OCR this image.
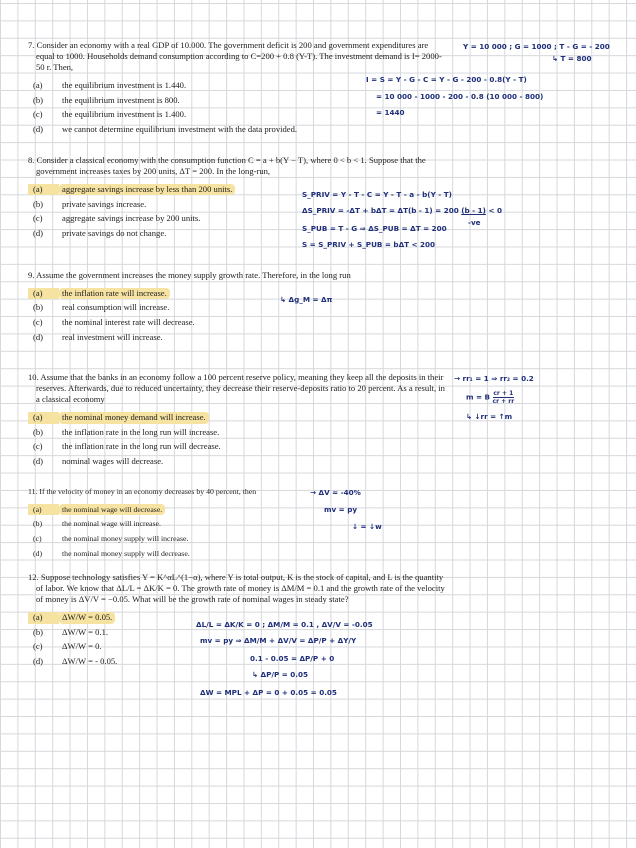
7. Consider an economy with a real GDP of 10.000. The government deficit is 200 and government expenditures are equal to 1000. Households demand consumption according to C=200 + 0.8 (Y-T). The investment demand is I= 2000-50 r. Then,
(a)	the equilibrium investment is 1.440.
(b)	the equilibrium investment is 800.
(c)	the equilibrium investment is 1.400.
(d)	we cannot determine equilibrium investment with the data provided.
8. Consider a classical economy with the consumption function C = a + b(Y − T), where 0 < b < 1. Suppose that the government increases taxes by 200 units, ΔT = 200. In the long-run,
(a)	aggregate savings increase by less than 200 units.
(b)	private savings increase.
(c)	aggregate savings increase by 200 units.
(d)	private savings do not change.
9. Assume the government increases the money supply growth rate. Therefore, in the long run
(a)	the inflation rate will increase.
(b)	real consumption will increase.
(c)	the nominal interest rate will decrease.
(d)	real investment will increase.
10. Assume that the banks in an economy follow a 100 percent reserve policy, meaning they keep all the deposits in their reserves. Afterwards, due to reduced uncertainty, they decrease their reserve-deposits ratio to 20 percent. As a result, in a classical economy
(a)	the nominal money demand will increase.
(b)	the inflation rate in the long run will increase.
(c)	the inflation rate in the long run will decrease.
(d)	nominal wages will decrease.
11. If the velocity of money in an economy decreases by 40 percent, then
(a)	the nominal wage will decrease.
(b)	the nominal wage will increase.
(c)	the nominal money supply will increase.
(d)	the nominal money supply will decrease.
12. Suppose technology satisfies Y = K^αL^(1−α), where Y is total output, K is the stock of capital, and L is the quantity of labor. We know that ΔL/L = ΔK/K = 0. The growth rate of money is ΔM/M = 0.1 and the growth rate of the velocity of money is ΔV/V = −0.05. What will be the growth rate of nominal wages in steady state?
(a)	ΔW/W = 0.05.
(b)	ΔW/W = 0.1.
(c)	ΔW/W = 0.
(d)	ΔW/W = - 0.05.
Y = 10 000 ; G = 1000 ; T - G = - 200
↳ T = 800
I = S = Y - G - C = Y - G - 200 - 0.8(Y - T)
= 10 000 - 1000 - 200 - 0.8 (10 000 - 800)
= 1440
S_PRIV = Y - T - C = Y - T - a - b(Y - T)
ΔS_PRIV = -ΔT + bΔT = ΔT(b - 1) = 200 (b - 1) < 0
-ve
S_PUB = T - G ⇒ ΔS_PUB = ΔT = 200
S = S_PRIV + S_PUB = bΔT < 200
↳ Δg_M = Δπ
→ rr₁ = 1 ⇒ rr₂ = 0.2
m = B $\frac{cr + 1}{cr + rr}$
↳ ↓rr = ↑m
→ ΔV = -40%
mv = py
↓ = ↓w
ΔL/L = ΔK/K = 0 ; ΔM/M = 0.1 , ΔV/V = -0.05
mv = py ⇒ ΔM/M + ΔV/V = ΔP/P + ΔY/Y
0.1 - 0.05 = ΔP/P + 0
↳ ΔP/P = 0.05
ΔW = MPL + ΔP = 0 + 0.05 = 0.05
